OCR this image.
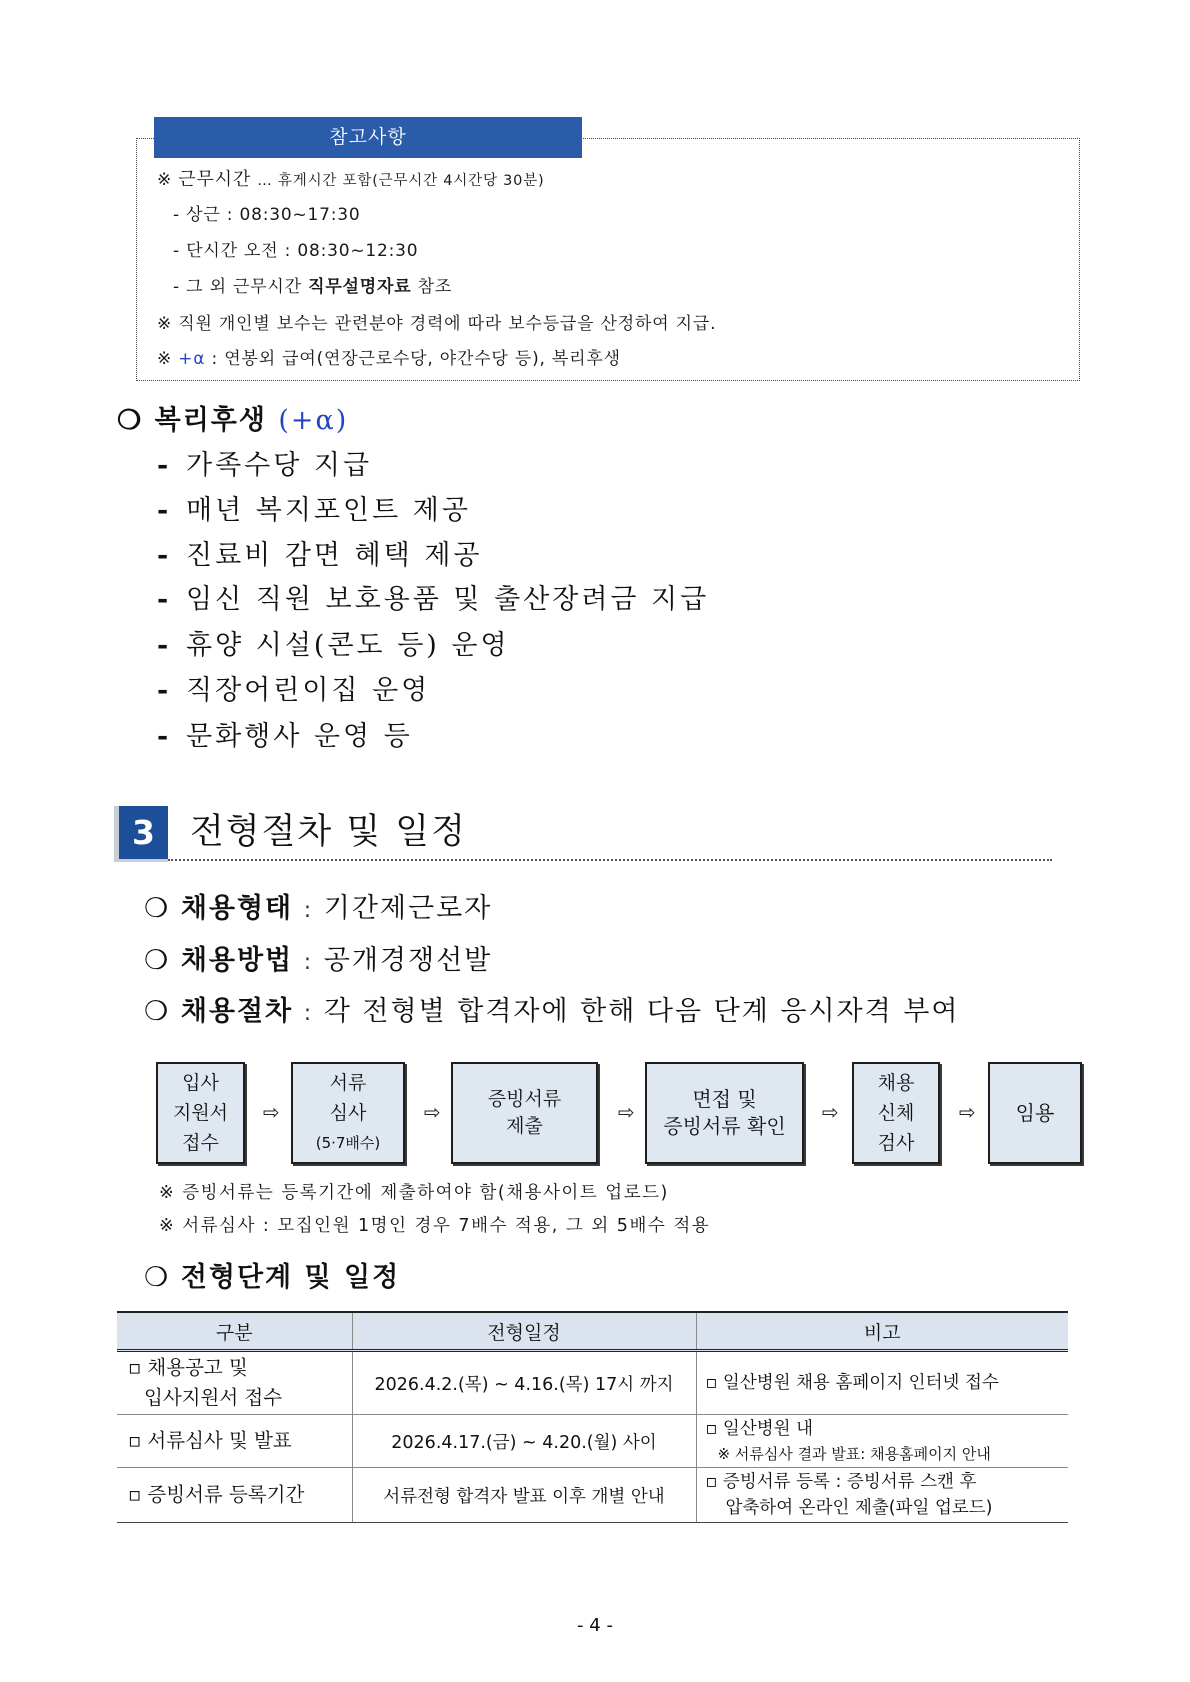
참고사항
※ 근무시간 … 휴게시간 포함(근무시간 4시간당 30분)
- 상근 : 08:30~17:30
- 단시간 오전 : 08:30~12:30
- 그 외 근무시간 직무설명자료 참조
※ 직원 개인별 보수는 관련분야 경력에 따라 보수등급을 산정하여 지급.
※ +α : 연봉외 급여(연장근로수당, 야간수당 등), 복리후생
❍ 복리후생 (+α)
- 가족수당 지급
- 매년 복지포인트 제공
- 진료비 감면 혜택 제공
- 임신 직원 보호용품 및 출산장려금 지급
- 휴양 시설(콘도 등) 운영
- 직장어린이집 운영
- 문화행사 운영 등
3	전형절차 및 일정
❍ 채용형태 : 기간제근로자
❍ 채용방법 : 공개경쟁선발
❍ 채용절차 : 각 전형별 합격자에 한해 다음 단계 응시자격 부여
입사
지원서
접수
⇨
서류
심사
(5·7배수)
⇨
증빙서류
제출
⇨
면접 및
증빙서류 확인
⇨
채용
신체
검사
⇨ 임용
※ 증빙서류는 등록기간에 제출하여야 함(채용사이트 업로드)
※ 서류심사 : 모집인원 1명인 경우 7배수 적용, 그 외 5배수 적용
❍ 전형단계 및 일정
구분	전형일정	비고

▫ 채용공고 및
입사지원서 접수	2026.4.2.(목) ~ 4.16.(목) 17시 까지	▫ 일산병원 채용 홈페이지 인터넷 접수

▫ 서류심사 및 발표	2026.4.17.(금) ~ 4.20.(월) 사이	▫ 일산병원 내
※ 서류심사 결과 발표: 채용홈페이지 안내

▫ 증빙서류 등록기간	서류전형 합격자 발표 이후 개별 안내	▫ 증빙서류 등록 : 증빙서류 스캔 후
압축하여 온라인 제출(파일 업로드)
- 4 -
